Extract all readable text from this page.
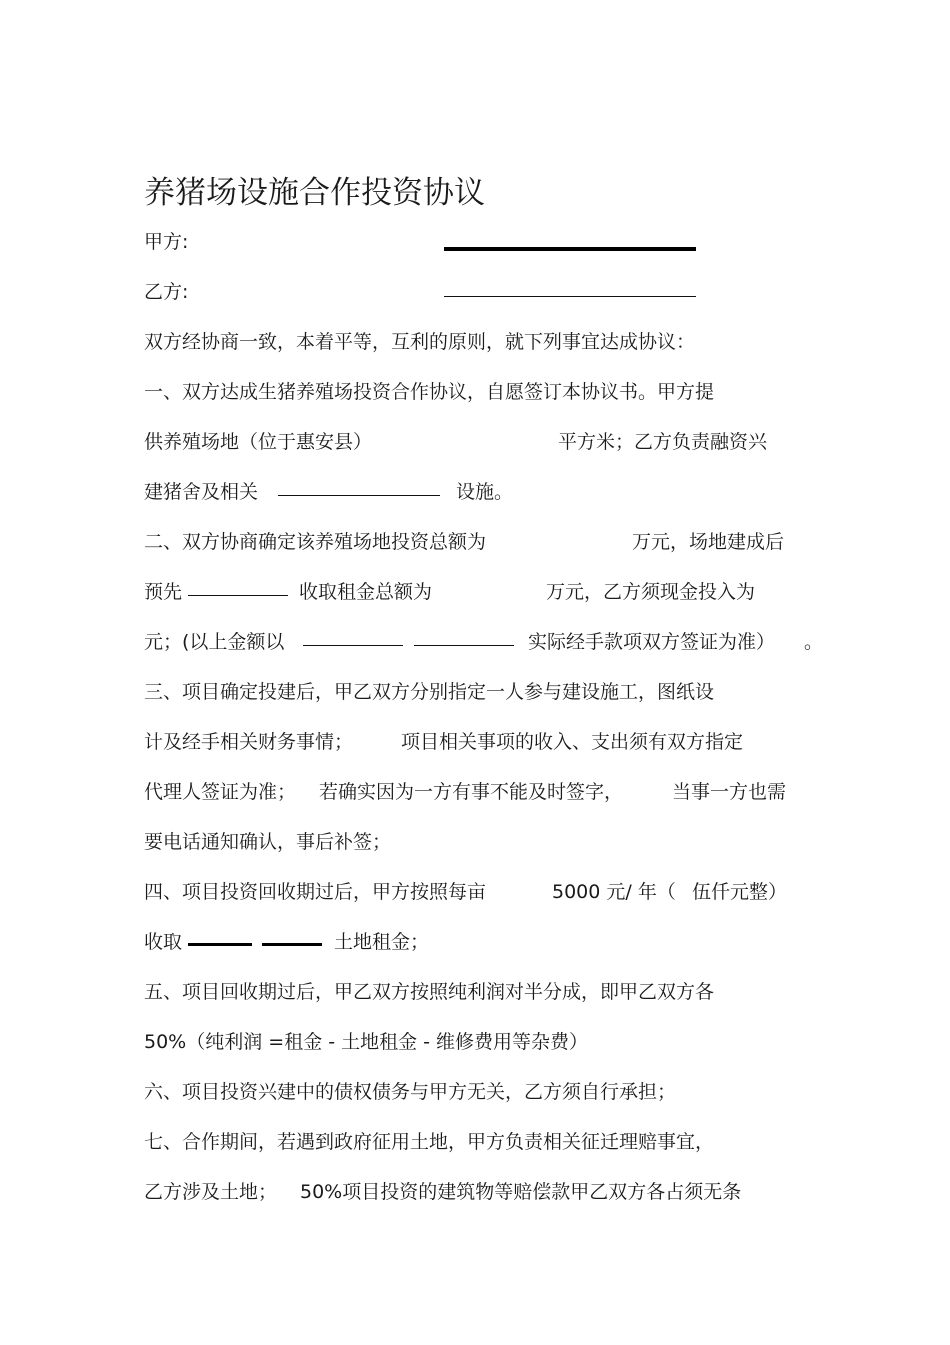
养猪场设施合作投资协议
甲方:
乙方:
双方经协商一致，本着平等，互利的原则，就下列事宜达成协议：
一、双方达成生猪养殖场投资合作协议，自愿签订本协议书。甲方提
供养殖场地（位于惠安县）	平方米；乙方负责融资兴
建猪舍及相关	设施。
二、双方协商确定该养殖场地投资总额为	万元，场地建成后
预先	收取租金总额为	万元，乙方须现金投入为
元；(以上金额以	实际经手款项双方签证为准） 。
三、项目确定投建后，甲乙双方分别指定一人参与建设施工，图纸设
计及经手相关财务事情；	项目相关事项的收入、支出须有双方指定
代理人签证为准； 若确实因为一方有事不能及时签字，	当事一方也需
要电话通知确认，事后补签；
四、项目投资回收期过后，甲方按照每亩	5000 元/ 年（ 伍仟元整）
收取	土地租金；
五、项目回收期过后，甲乙双方按照纯利润对半分成，即甲乙双方各
50%（纯利润 =租金 - 土地租金 - 维修费用等杂费）
六、项目投资兴建中的债权债务与甲方无关，乙方须自行承担；
七、合作期间，若遇到政府征用土地，甲方负责相关征迁理赔事宜，
乙方涉及土地； 50%项目投资的建筑物等赔偿款甲乙双方各占须无条
